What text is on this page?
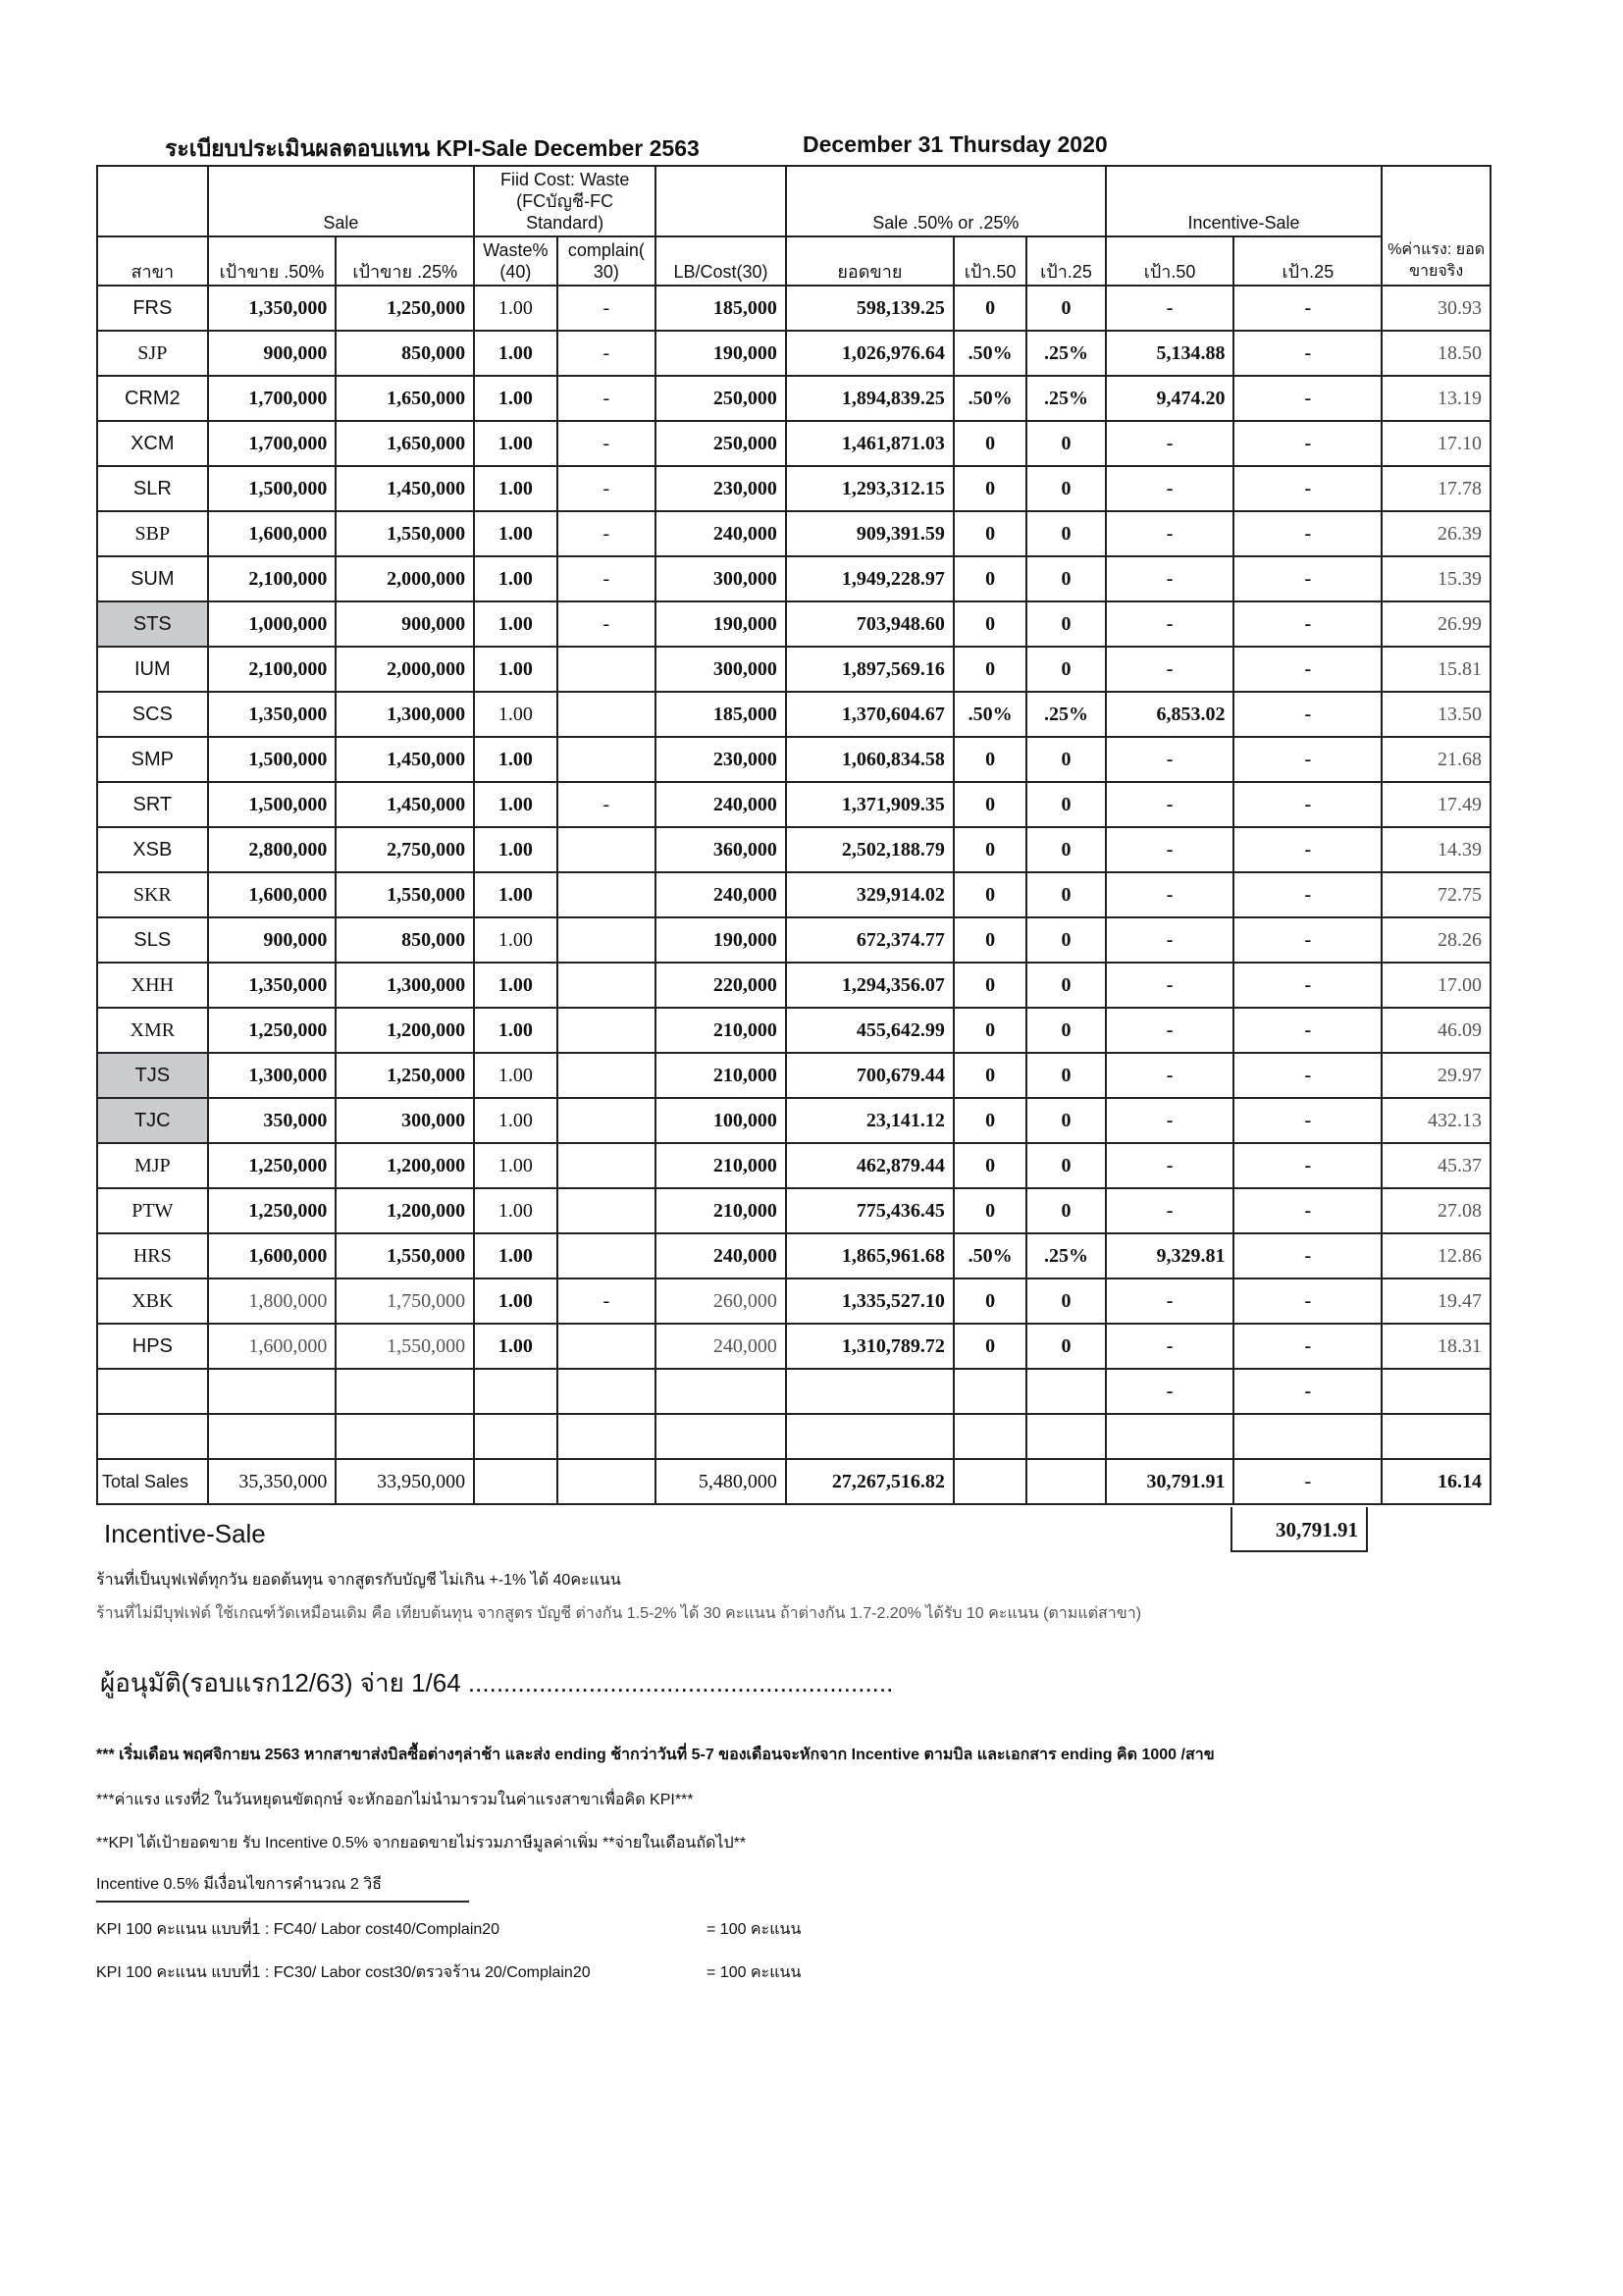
ระเบียบประเมินผลตอบแทน KPI-Sale December 2563	December 31 Thursday 2020
	Sale		Fiid Cost: Waste (FCบัญชี-FC Standard)			Sale .50% or .25%			Incentive-Sale		%ค่าแรง: ยอดขายจริง
สาขา	เป้าขาย .50%	เป้าขาย .25%	Waste% (40)	complain( 30)	LB/Cost(30)	ยอดขาย	เป้า.50	เป้า.25	เป้า.50	เป้า.25	
FRS	1,350,000	1,250,000	1.00	-	185,000	598,139.25	0	0	-	-	30.93
SJP	900,000	850,000	1.00	-	190,000	1,026,976.64	.50%	.25%	5,134.88	-	18.50
CRM2	1,700,000	1,650,000	1.00	-	250,000	1,894,839.25	.50%	.25%	9,474.20	-	13.19
XCM	1,700,000	1,650,000	1.00	-	250,000	1,461,871.03	0	0	-	-	17.10
SLR	1,500,000	1,450,000	1.00	-	230,000	1,293,312.15	0	0	-	-	17.78
SBP	1,600,000	1,550,000	1.00	-	240,000	909,391.59	0	0	-	-	26.39
SUM	2,100,000	2,000,000	1.00	-	300,000	1,949,228.97	0	0	-	-	15.39
STS	1,000,000	900,000	1.00	-	190,000	703,948.60	0	0	-	-	26.99
IUM	2,100,000	2,000,000	1.00		300,000	1,897,569.16	0	0	-	-	15.81
SCS	1,350,000	1,300,000	1.00		185,000	1,370,604.67	.50%	.25%	6,853.02	-	13.50
SMP	1,500,000	1,450,000	1.00		230,000	1,060,834.58	0	0	-	-	21.68
SRT	1,500,000	1,450,000	1.00	-	240,000	1,371,909.35	0	0	-	-	17.49
XSB	2,800,000	2,750,000	1.00		360,000	2,502,188.79	0	0	-	-	14.39
SKR	1,600,000	1,550,000	1.00		240,000	329,914.02	0	0	-	-	72.75
SLS	900,000	850,000	1.00		190,000	672,374.77	0	0	-	-	28.26
XHH	1,350,000	1,300,000	1.00		220,000	1,294,356.07	0	0	-	-	17.00
XMR	1,250,000	1,200,000	1.00		210,000	455,642.99	0	0	-	-	46.09
TJS	1,300,000	1,250,000	1.00		210,000	700,679.44	0	0	-	-	29.97
TJC	350,000	300,000	1.00		100,000	23,141.12	0	0	-	-	432.13
MJP	1,250,000	1,200,000	1.00		210,000	462,879.44	0	0	-	-	45.37
PTW	1,250,000	1,200,000	1.00		210,000	775,436.45	0	0	-	-	27.08
HRS	1,600,000	1,550,000	1.00		240,000	1,865,961.68	.50%	.25%	9,329.81	-	12.86
XBK	1,800,000	1,750,000	1.00	-	260,000	1,335,527.10	0	0	-	-	19.47
HPS	1,600,000	1,550,000	1.00		240,000	1,310,789.72	0	0	-	-	18.31
									-	-	

Total Sales	35,350,000	33,950,000			5,480,000	27,267,516.82			30,791.91	-	16.14
Incentive-Sale	30,791.91
ร้านที่เป็นบุฟเฟ่ต์ทุกวัน ยอดต้นทุน จากสูตรกับบัญชี ไม่เกิน +-1% ได้ 40คะแนน
ร้านที่ไม่มีบุฟเฟ่ต์ ใช้เกณฑ์วัดเหมือนเดิม คือ เทียบต้นทุน จากสูตร บัญชี ต่างกัน 1.5-2% ได้ 30 คะแนน ถ้าต่างกัน 1.7-2.20% ได้รับ 10 คะแนน (ตามแต่สาขา)
ผู้อนุมัติ(รอบแรก12/63) จ่าย 1/64 ............................................................
*** เริ่มเดือน พฤศจิกายน 2563 หากสาขาส่งบิลซื้อต่างๆล่าช้า และส่ง ending ช้ากว่าวันที่ 5-7 ของเดือนจะหักจาก Incentive ตามบิล และเอกสาร ending คิด 1000 /สาข
***ค่าแรง แรงที่2 ในวันหยุดนขัตฤกษ์ จะหักออกไม่นำมารวมในค่าแรงสาขาเพื่อคิด KPI***
**KPI ได้เป้ายอดขาย รับ Incentive 0.5% จากยอดขายไม่รวมภาษีมูลค่าเพิ่ม **จ่ายในเดือนถัดไป**
Incentive 0.5% มีเงื่อนไขการคำนวณ 2 วิธี
KPI 100 คะแนน แบบที่1 : FC40/ Labor cost40/Complain20	= 100 คะแนน
KPI 100 คะแนน แบบที่1 : FC30/ Labor cost30/ตรวจร้าน 20/Complain20	= 100 คะแนน
